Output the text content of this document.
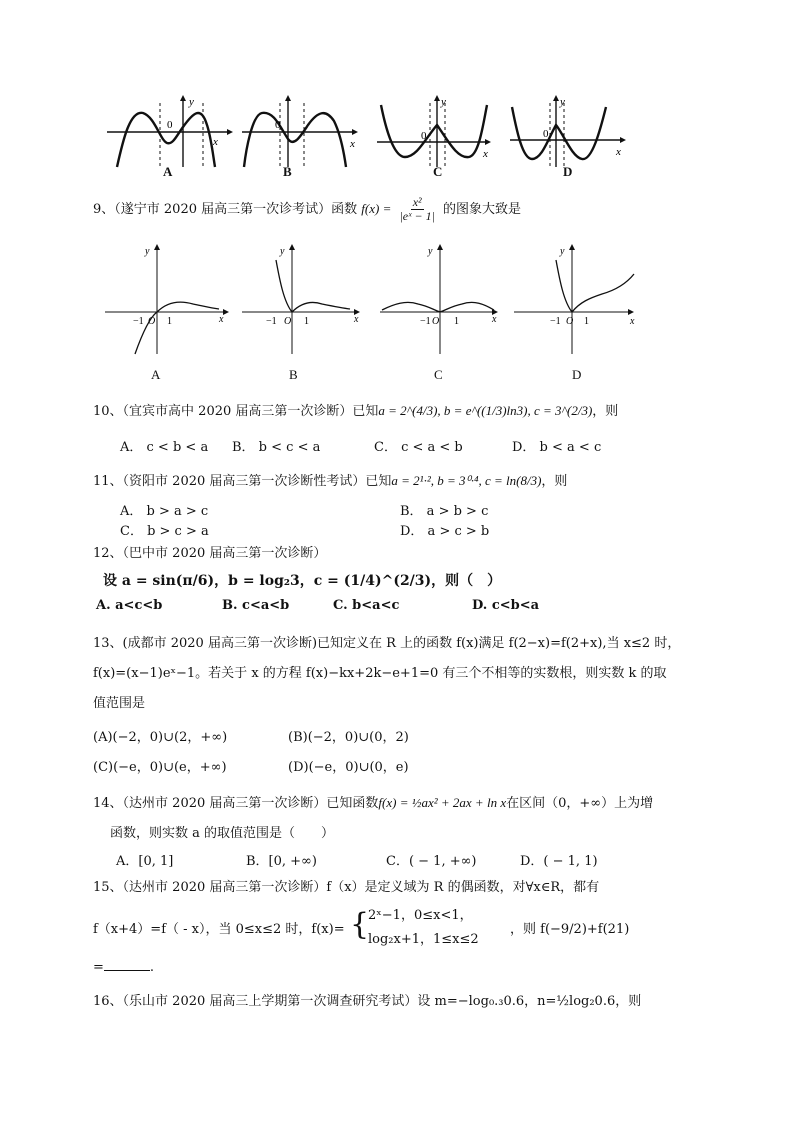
0
x
y
A
0
x
B
0
x
y
C
0
x
y
D
9、（遂宁市 2020 届高三第一次诊考试）函数 $f(x) = \frac{\text{x²}}{\text{|eˣ − 1|}}$ 的图象大致是
−1 O 1	x
y
A
−1 O 1	x
y
B
−1 O 1	x
y
C
−1 O 1	x
y
D
10、（宜宾市高中 2020 届高三第一次诊断）已知a = 2^(4/3), b = e^((1/3)ln3), c = 3^(2/3)，则
A． c < b < a B． b < c < a	C． c < a < b	D． b < a < c
11、（资阳市 2020 届高三第一次诊断性考试）已知a = 2¹·², b = 3⁰·⁴, c = ln(8/3)，则
A． b > a > c	B． a > b > c
C． b > c > a	D． a > c > b
12、（巴中市 2020 届高三第一次诊断）
设 a = sin(π/6)，b = log₂3，c = (1/4)^(2/3)，则（　）
A. a<c<b	B. c<a<b	C. b<a<c	D. c<b<a
13、(成都市 2020 届高三第一次诊断)已知定义在 R 上的函数 f(x)满足 f(2−x)=f(2+x),当 x≤2 时，
f(x)=(x−1)eˣ−1。若关于 x 的方程 f(x)−kx+2k−e+1=0 有三个不相等的实数根，则实数 k 的取
值范围是
(A)(−2，0)∪(2，+∞)	(B)(−2，0)∪(0，2)
(C)(−e，0)∪(e，+∞)	(D)(−e，0)∪(0，e)
14、（达州市 2020 届高三第一次诊断）已知函数f(x) = ½ax² + 2ax + ln x在区间（0，+∞）上为增
函数，则实数 a 的取值范围是（　　）
A．[0, 1]	B．[0, +∞)	C．( − 1, +∞)	D．( − 1, 1)
15、（达州市 2020 届高三第一次诊断）f（x）是定义域为 R 的偶函数，对∀x∈R，都有
f（x+4）=f（ - x），当 0≤x≤2 时，f(x)= {
2ˣ−1，0≤x<1，
log₂x+1，1≤x≤2
，则 f(−9/2)+f(21)
=	.
16、（乐山市 2020 届高三上学期第一次调查研究考试）设 m=−log₀.₃0.6，n=½log₂0.6，则
